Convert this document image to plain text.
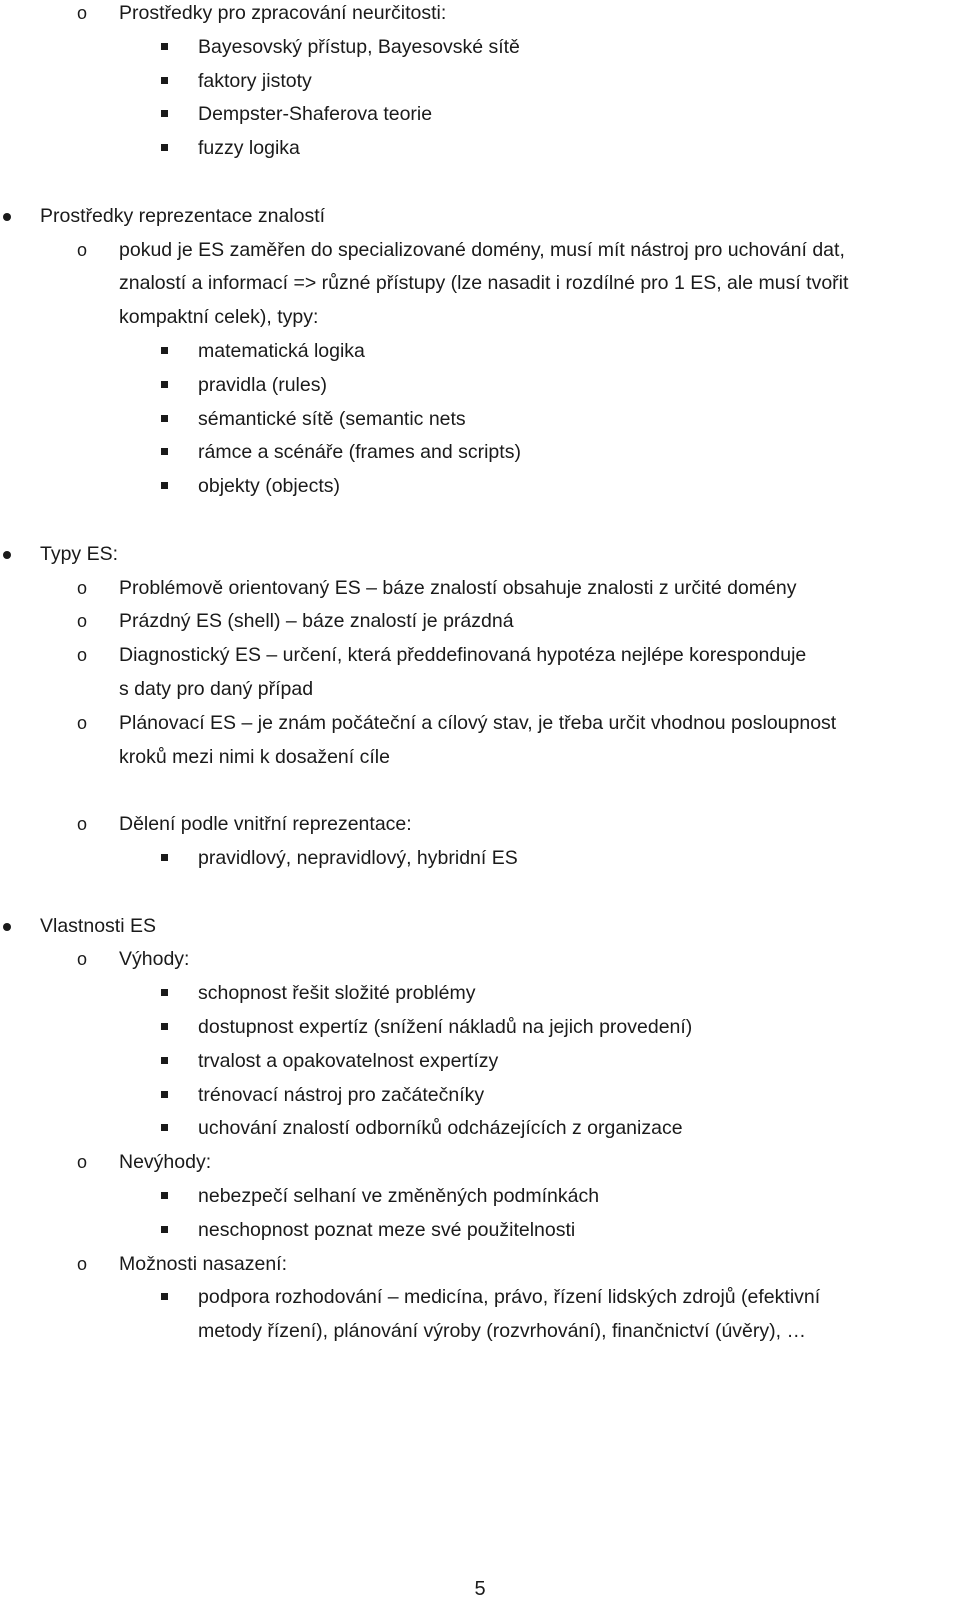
o Prostředky pro zpracování neurčitosti:
Bayesovský přístup, Bayesovské sítě
faktory jistoty
Dempster-Shaferova teorie
fuzzy logika
Prostředky reprezentace znalostí
o pokud je ES zaměřen do specializované domény, musí mít nástroj pro uchování dat,
znalostí a informací => různé přístupy (lze nasadit i rozdílné pro 1 ES, ale musí tvořit
kompaktní celek), typy:
matematická logika
pravidla (rules)
sémantické sítě (semantic nets
rámce a scénáře (frames and scripts)
objekty (objects)
Typy ES:
o Problémově orientovaný ES – báze znalostí obsahuje znalosti z určité domény
o Prázdný ES (shell) – báze znalostí je prázdná
o Diagnostický ES – určení, která předdefinovaná hypotéza nejlépe koresponduje
s daty pro daný případ
o Plánovací ES – je znám počáteční a cílový stav, je třeba určit vhodnou posloupnost
kroků mezi nimi k dosažení cíle
o Dělení podle vnitřní reprezentace:
pravidlový, nepravidlový, hybridní ES
Vlastnosti ES
o Výhody:
schopnost řešit složité problémy
dostupnost expertíz (snížení nákladů na jejich provedení)
trvalost a opakovatelnost expertízy
trénovací nástroj pro začátečníky
uchování znalostí odborníků odcházejících z organizace
o Nevýhody:
nebezpečí selhaní ve změněných podmínkách
neschopnost poznat meze své použitelnosti
o Možnosti nasazení:
podpora rozhodování – medicína, právo, řízení lidských zdrojů (efektivní
metody řízení), plánování výroby (rozvrhování), finančnictví (úvěry), …
5
